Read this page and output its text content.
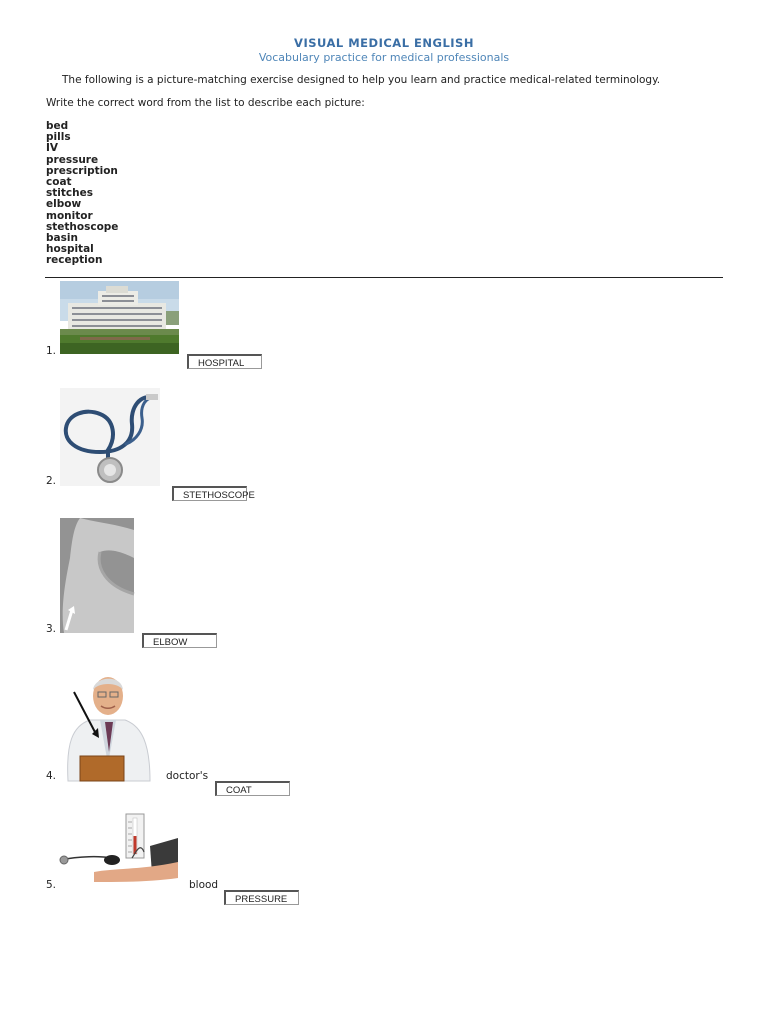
VISUAL MEDICAL ENGLISH
Vocabulary practice for medical professionals
The following is a picture-matching exercise designed to help you learn and practice medical-related terminology.
Write the correct word from the list to describe each picture:
bed
pills
IV
pressure
prescription
coat
stitches
elbow
monitor
stethoscope
basin
hospital
reception
1.
HOSPITAL
2.
STETHOSCOPE
3.
ELBOW
4.	doctor's
COAT
5.	blood
PRESSURE
